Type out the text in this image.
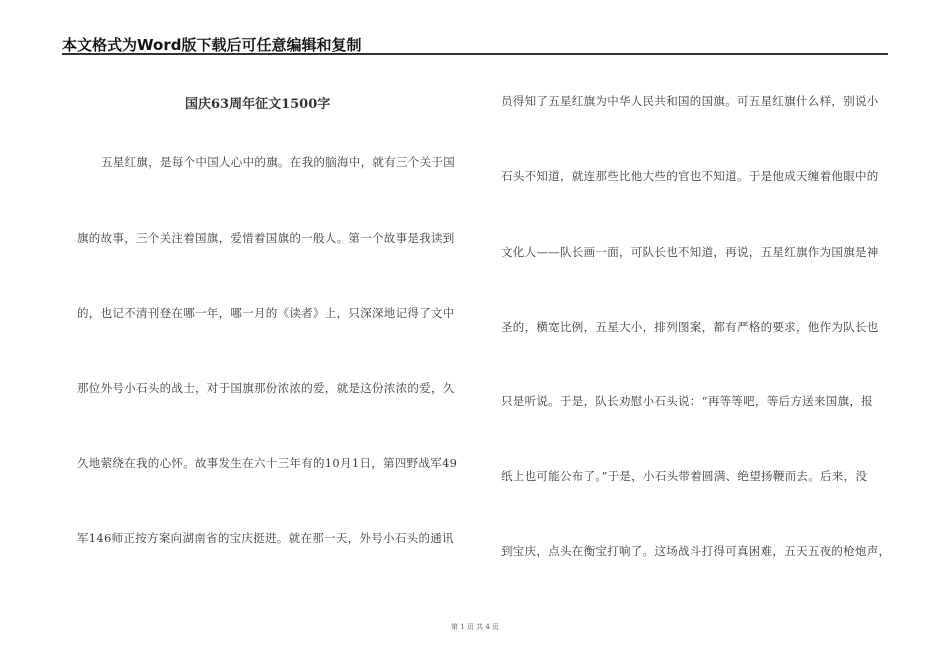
本文格式为Word版下载后可任意编辑和复制
国庆63周年征文1500字
五星红旗，是每个中国人心中的旗。在我的脑海中，就有三个关于国
旗的故事，三个关注着国旗，爱惜着国旗的一般人。第一个故事是我读到
的，也记不清刊登在哪一年，哪一月的《读者》上，只深深地记得了文中
那位外号小石头的战士，对于国旗那份浓浓的爱，就是这份浓浓的爱，久
久地萦绕在我的心怀。故事发生在六十三年有的10月1日，第四野战军49
军146师正按方案向湖南省的宝庆挺进。就在那一天，外号小石头的通讯
员得知了五星红旗为中华人民共和国的国旗。可五星红旗什么样，别说小
石头不知道，就连那些比他大些的官也不知道。于是他成天缠着他眼中的
文化人——队长画一面，可队长也不知道，再说，五星红旗作为国旗是神
圣的，横宽比例，五星大小，排列图案，都有严格的要求，他作为队长也
只是听说。于是，队长劝慰小石头说：“再等等吧，等后方送来国旗，报
纸上也可能公布了。”于是，小石头带着圆满、绝望扬鞭而去。后来，没
到宝庆，点头在衡宝打响了。这场战斗打得可真困难，五天五夜的枪炮声，
第 1 页 共 4 页
